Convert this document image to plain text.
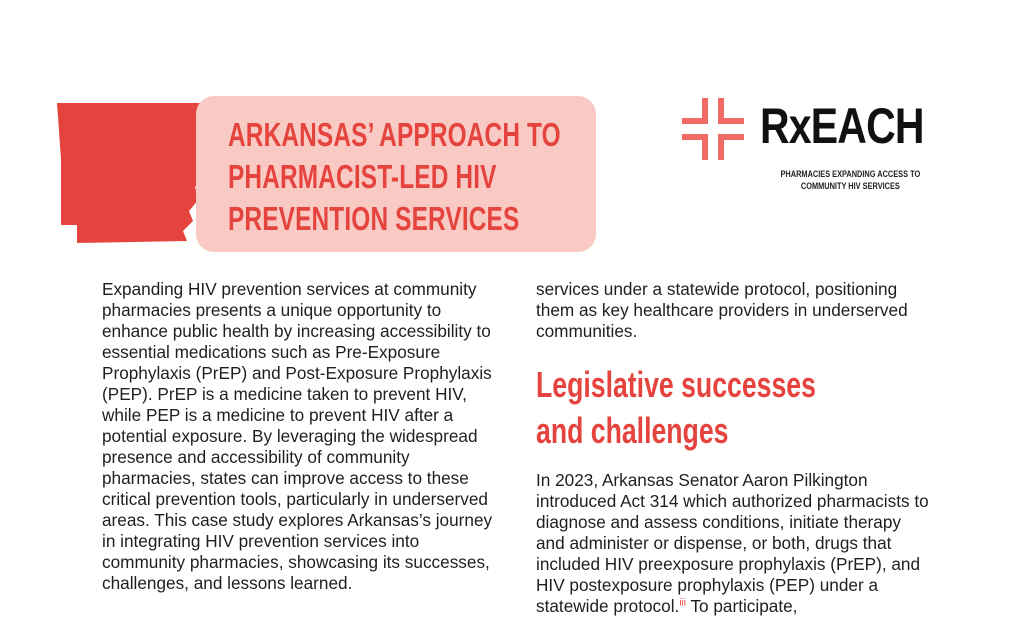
ARKANSAS’ APPROACH TO PHARMACIST-LED HIV PREVENTION SERVICES
RxEACH
PHARMACIES EXPANDING ACCESS TO COMMUNITY HIV SERVICES

Expanding HIV prevention services at community pharmacies presents a unique opportunity to enhance public health by increasing accessibility to essential medications such as Pre-Exposure Prophylaxis (PrEP) and Post-Exposure Prophylaxis (PEP). PrEP is a medicine taken to prevent HIV, while PEP is a medicine to prevent HIV after a potential exposure. By leveraging the widespread presence and accessibility of community pharmacies, states can improve access to these critical prevention tools, particularly in underserved areas. This case study explores Arkansas’s journey in integrating HIV prevention services into community pharmacies, showcasing its successes, challenges, and lessons learned.

services under a statewide protocol, positioning them as key healthcare providers in underserved communities.

Legislative successes and challenges

In 2023, Arkansas Senator Aaron Pilkington introduced Act 314 which authorized pharmacists to diagnose and assess conditions, initiate therapy and administer or dispense, or both, drugs that included HIV preexposure prophylaxis (PrEP), and HIV postexposure prophylaxis (PEP) under a statewide protocol.$^{iii}$ To participate,
